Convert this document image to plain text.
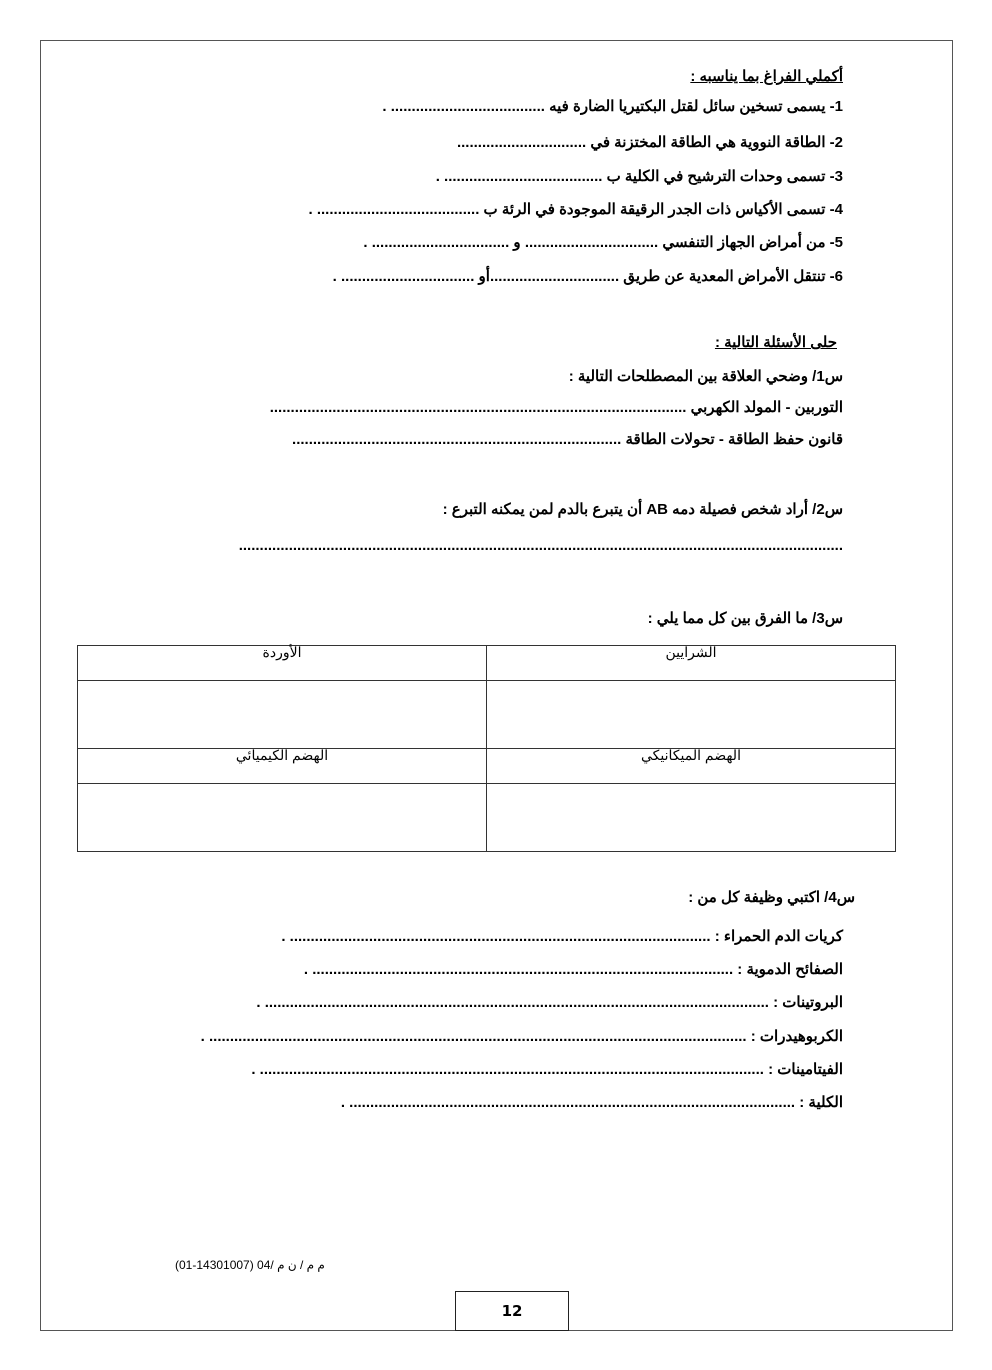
أكملي الفراغ بما يناسبه :
1- يسمى تسخين سائل لقتل البكتيريا الضارة فيه ..................................... .
2- الطاقة النووية هي الطاقة المختزنة في ...............................
3- تسمى وحدات الترشيح في الكلية ب ...................................... .
4- تسمى الأكياس ذات الجدر الرقيقة الموجودة في الرئة ب ....................................... .
5- من أمراض الجهاز التنفسي ................................ و ................................. .
6- تنتقل الأمراض المعدية عن طريق ...............................أو ................................ .
حلى الأسئلة التالية :
س1/ وضحي العلاقة بين المصطلحات التالية :
التوربين - المولد الكهربي ....................................................................................................
قانون حفظ الطاقة - تحولات الطاقة ...............................................................................
س2/ أراد شخص فصيلة دمه AB أن يتبرع بالدم لمن يمكنه التبرع :
.................................................................................................................................................
س3/ ما الفرق بين كل مما يلي :
الشرايين	الأوردة

الهضم الميكانيكي	الهضم الكيميائي

س4/ اكتبي وظيفة كل من :
كريات الدم الحمراء : ..................................................................................................... .
الصفائح الدموية : ..................................................................................................... .
البروتينات : ......................................................................................................................... .
الكربوهيدرات : ................................................................................................................................. .
الفيتامينات : ......................................................................................................................... .
الكلية : ........................................................................................................... .
(01-14301007) 04/ م م / ن م
12
